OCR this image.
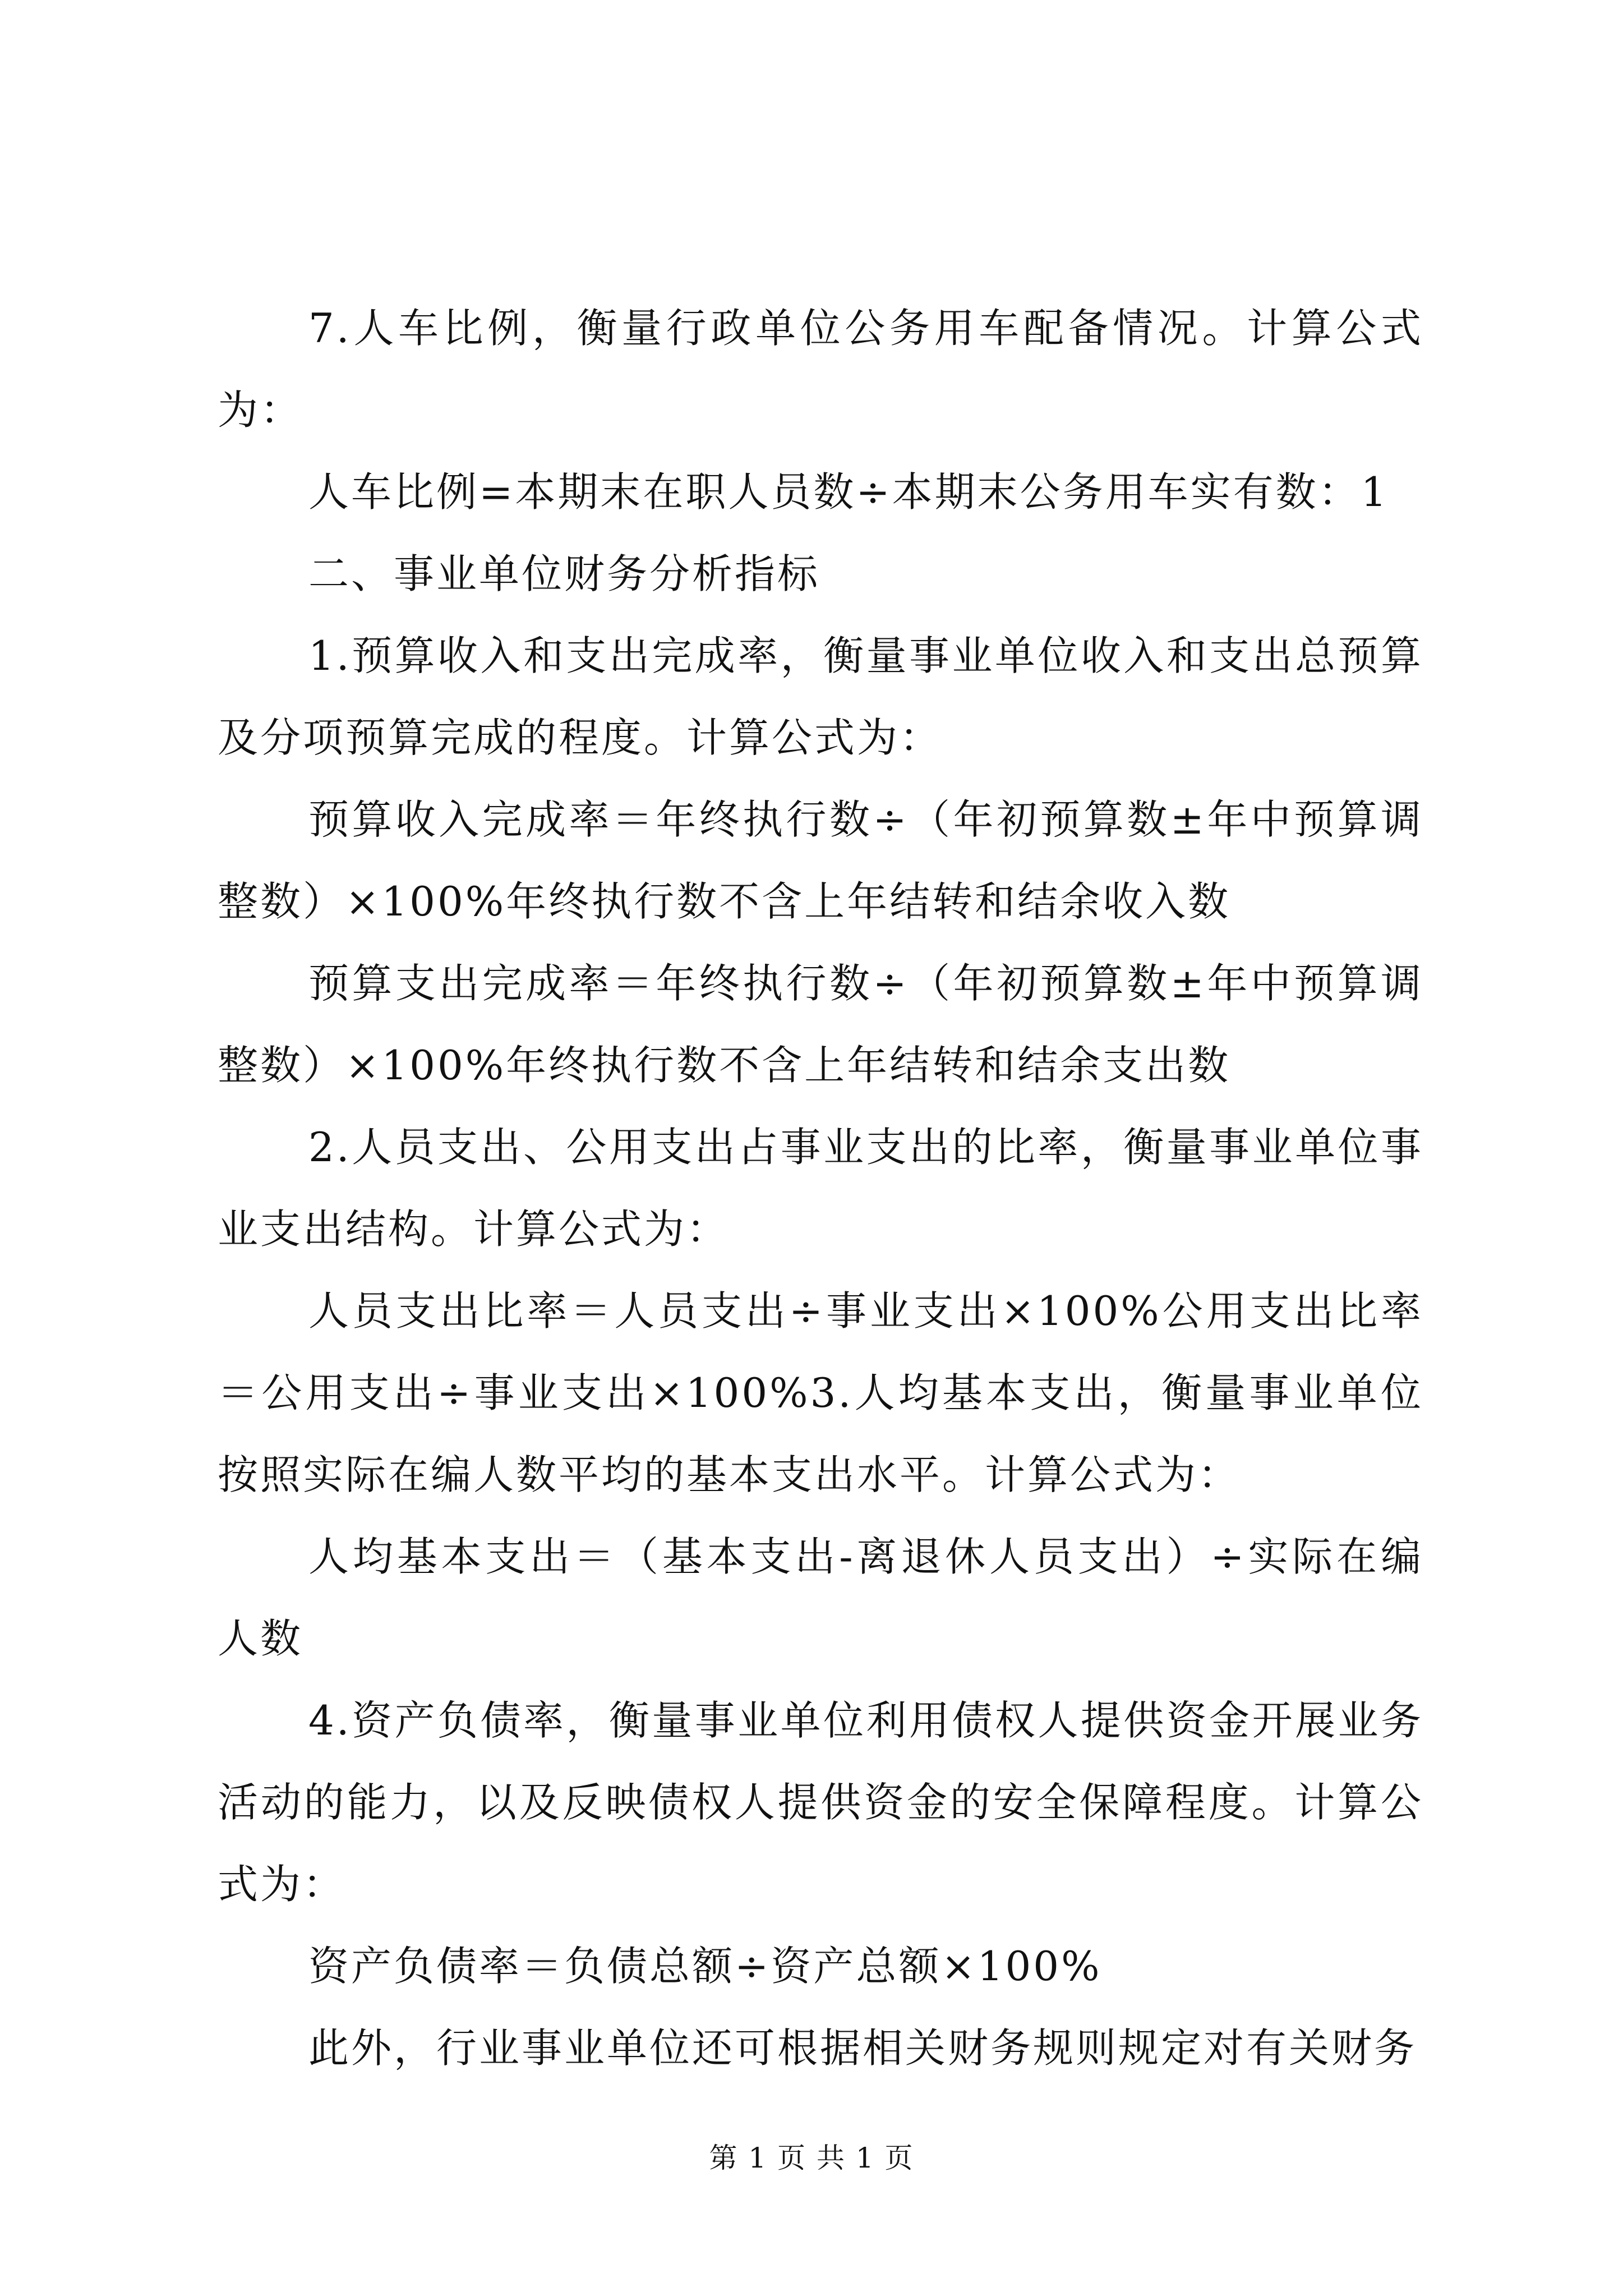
7.人车比例，衡量行政单位公务用车配备情况。计算公式为：

人车比例=本期末在职人员数÷本期末公务用车实有数：1

二、事业单位财务分析指标

1.预算收入和支出完成率，衡量事业单位收入和支出总预算及分项预算完成的程度。计算公式为：

预算收入完成率＝年终执行数÷（年初预算数±年中预算调整数）×100%年终执行数不含上年结转和结余收入数

预算支出完成率＝年终执行数÷（年初预算数±年中预算调整数）×100%年终执行数不含上年结转和结余支出数

2.人员支出、公用支出占事业支出的比率，衡量事业单位事业支出结构。计算公式为：

人员支出比率＝人员支出÷事业支出×100%公用支出比率＝公用支出÷事业支出×100%3.人均基本支出，衡量事业单位按照实际在编人数平均的基本支出水平。计算公式为：

人均基本支出＝（基本支出-离退休人员支出）÷实际在编人数

4.资产负债率，衡量事业单位利用债权人提供资金开展业务活动的能力，以及反映债权人提供资金的安全保障程度。计算公式为：

资产负债率＝负债总额÷资产总额×100%

此外，行业事业单位还可根据相关财务规则规定对有关财务

第 1 页 共 1 页
